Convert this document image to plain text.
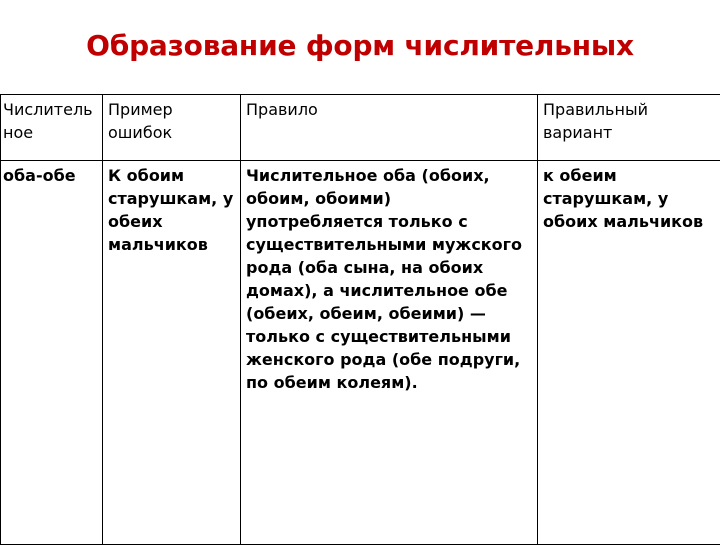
Образование форм числительных
Числительное	Пример ошибок	Правило	Правильный вариант
оба-обе	К обоим старушкам, у обеих мальчиков	Числительное оба (обоих, обоим, обоими) употребляется только с существительными мужского рода (оба сына, на обоих домах), а числительное обе (обеих, обеим, обеими) — только с существительными женского рода (обе подруги, по обеим колеям).	к обеим старушкам, у обоих мальчиков
